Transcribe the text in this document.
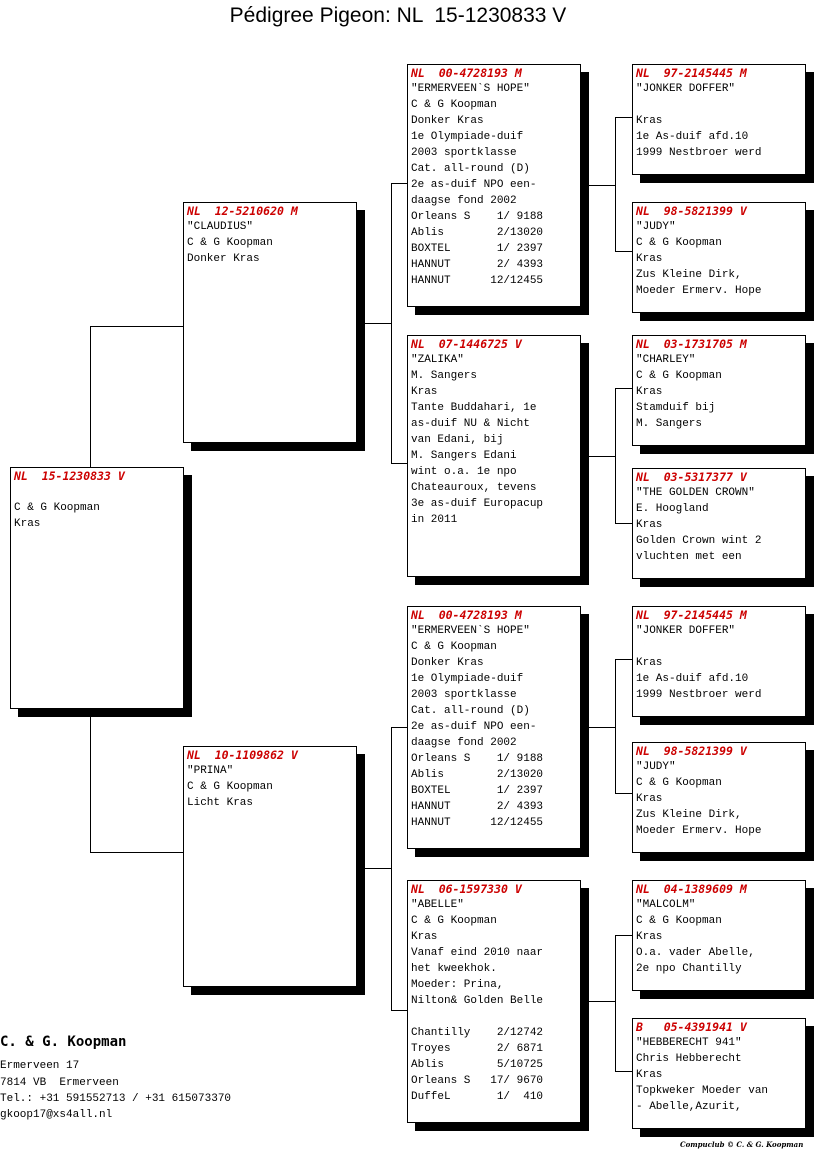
Pédigree Pigeon: NL  15-1230833 V
NL  15-1230833 V
C & G Koopman
Kras
NL  12-5210620 M
"CLAUDIUS"
C & G Koopman
Donker Kras
NL  10-1109862 V
"PRINA"
C & G Koopman
Licht Kras
NL  00-4728193 M
"ERMERVEEN`S HOPE"
C & G Koopman
Donker Kras
1e Olympiade-duif
2003 sportklasse
Cat. all-round (D)
2e as-duif NPO een-
daagse fond 2002
Orleans S    1/ 9188
Ablis        2/13020
BOXTEL       1/ 2397
HANNUT       2/ 4393
HANNUT      12/12455
NL  07-1446725 V
"ZALIKA"
M. Sangers
Kras
Tante Buddahari, 1e
as-duif NU & Nicht
van Edani, bij
M. Sangers Edani
wint o.a. 1e npo
Chateauroux, tevens
3e as-duif Europacup
in 2011
NL  00-4728193 M
"ERMERVEEN`S HOPE"
C & G Koopman
Donker Kras
1e Olympiade-duif
2003 sportklasse
Cat. all-round (D)
2e as-duif NPO een-
daagse fond 2002
Orleans S    1/ 9188
Ablis        2/13020
BOXTEL       1/ 2397
HANNUT       2/ 4393
HANNUT      12/12455
NL  06-1597330 V
"ABELLE"
C & G Koopman
Kras
Vanaf eind 2010 naar
het kweekhok.
Moeder: Prina,
Nilton& Golden Belle
Chantilly    2/12742
Troyes       2/ 6871
Ablis        5/10725
Orleans S   17/ 9670
DuffeL       1/  410
NL  97-2145445 M
"JONKER DOFFER"
Kras
1e As-duif afd.10
1999 Nestbroer werd
NL  98-5821399 V
"JUDY"
C & G Koopman
Kras
Zus Kleine Dirk,
Moeder Ermerv. Hope
NL  03-1731705 M
"CHARLEY"
C & G Koopman
Kras
Stamduif bij
M. Sangers
NL  03-5317377 V
"THE GOLDEN CROWN"
E. Hoogland
Kras
Golden Crown wint 2
vluchten met een
NL  97-2145445 M
"JONKER DOFFER"
Kras
1e As-duif afd.10
1999 Nestbroer werd
NL  98-5821399 V
"JUDY"
C & G Koopman
Kras
Zus Kleine Dirk,
Moeder Ermerv. Hope
NL  04-1389609 M
"MALCOLM"
C & G Koopman
Kras
O.a. vader Abelle,
2e npo Chantilly
B   05-4391941 V
"HEBBERECHT 941"
Chris Hebberecht
Kras
Topkweker Moeder van
- Abelle,Azurit,
C. & G. Koopman
Ermerveen 17
7814 VB  Ermerveen
Tel.: +31 591552713 / +31 615073370
gkoop17@xs4all.nl
Compuclub © C. & G. Koopman
